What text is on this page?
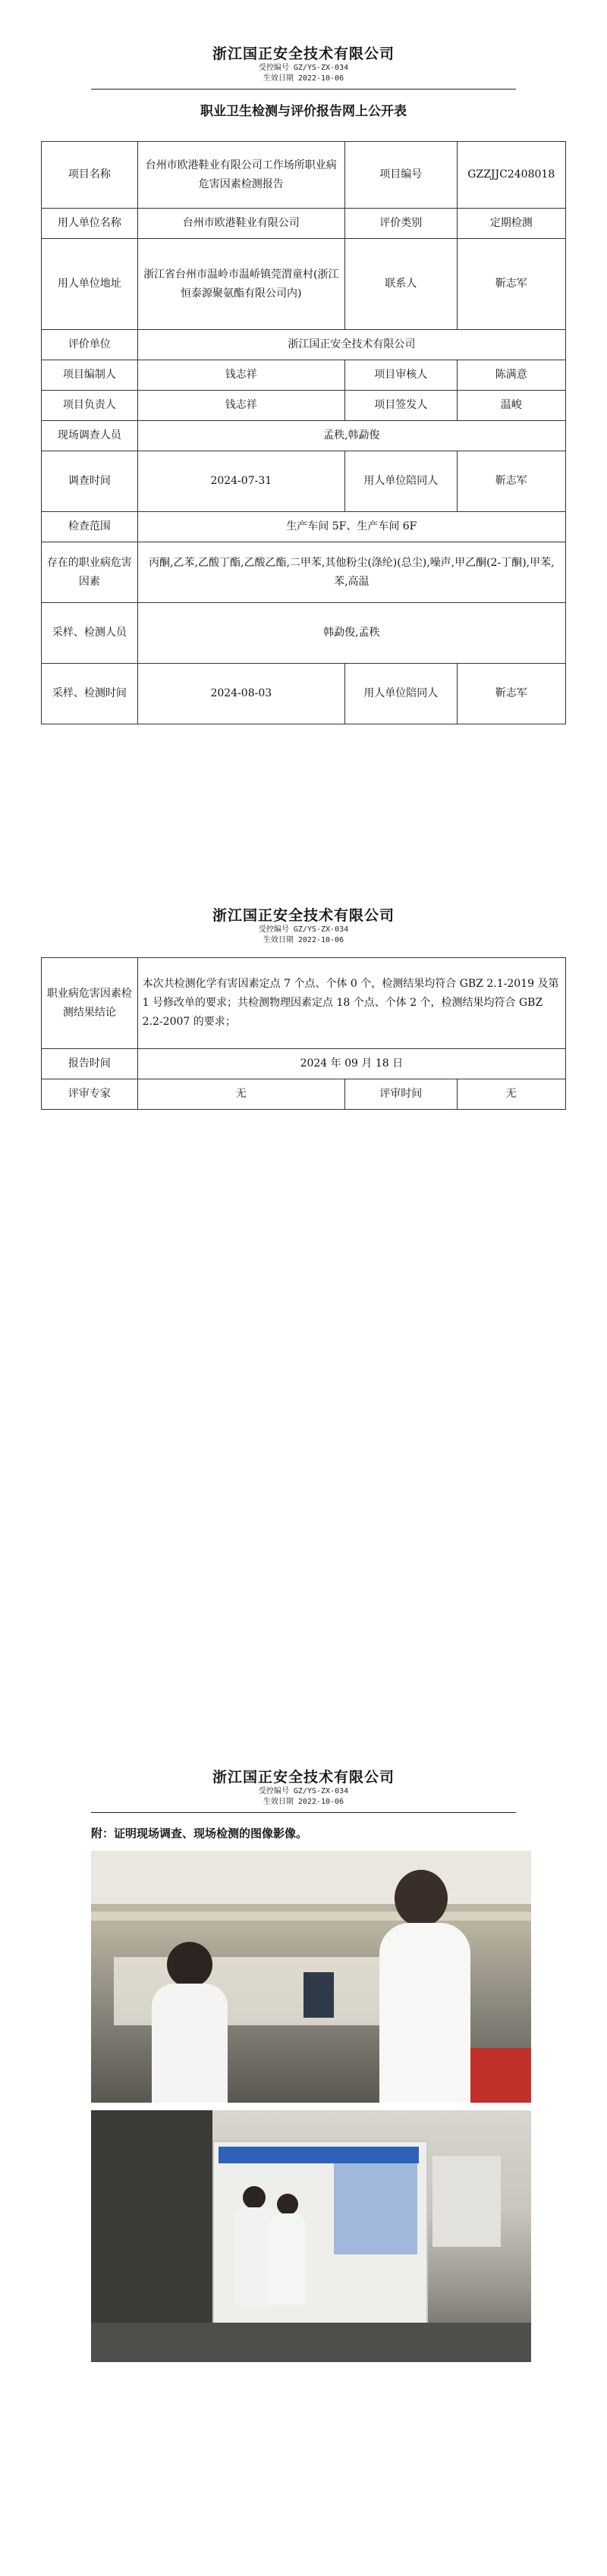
浙江国正安全技术有限公司
受控编号 GZ/YS-ZX-034
生效日期 2022-10-06
职业卫生检测与评价报告网上公开表
项目名称	台州市欧港鞋业有限公司工作场所职业病危害因素检测报告	项目编号	GZZJJC2408018
用人单位名称	台州市欧港鞋业有限公司	评价类别	定期检测
用人单位地址	浙江省台州市温岭市温峤镇莞渭童村(浙江恒泰源聚氨酯有限公司内)	联系人	靳志军
评价单位	浙江国正安全技术有限公司		
项目编制人	钱志祥	项目审核人	陈满意
项目负责人	钱志祥	项目签发人	温峻
现场调查人员	孟秩,韩勐俊		
调查时间	2024-07-31	用人单位陪同人	靳志军
检查范围	生产车间 5F、生产车间 6F		
存在的职业病危害因素	丙酮,乙苯,乙酸丁酯,乙酸乙酯,二甲苯,其他粉尘(涤纶)(总尘),噪声,甲乙酮(2-丁酮),甲苯,苯,高温		
采样、检测人员	韩勐俊,孟秩		
采样、检测时间	2024-08-03	用人单位陪同人	靳志军
浙江国正安全技术有限公司
受控编号 GZ/YS-ZX-034
生效日期 2022-10-06
职业病危害因素检测结果结论	本次共检测化学有害因素定点 7 个点、个体 0 个，检测结果均符合 GBZ 2.1-2019 及第 1 号修改单的要求；共检测物理因素定点 18 个点、个体 2 个，检测结果均符合 GBZ 2.2-2007 的要求；		
报告时间	2024 年 09 月 18 日		
评审专家	无	评审时间	无
浙江国正安全技术有限公司
受控编号 GZ/YS-ZX-034
生效日期 2022-10-06
附：证明现场调查、现场检测的图像影像。
